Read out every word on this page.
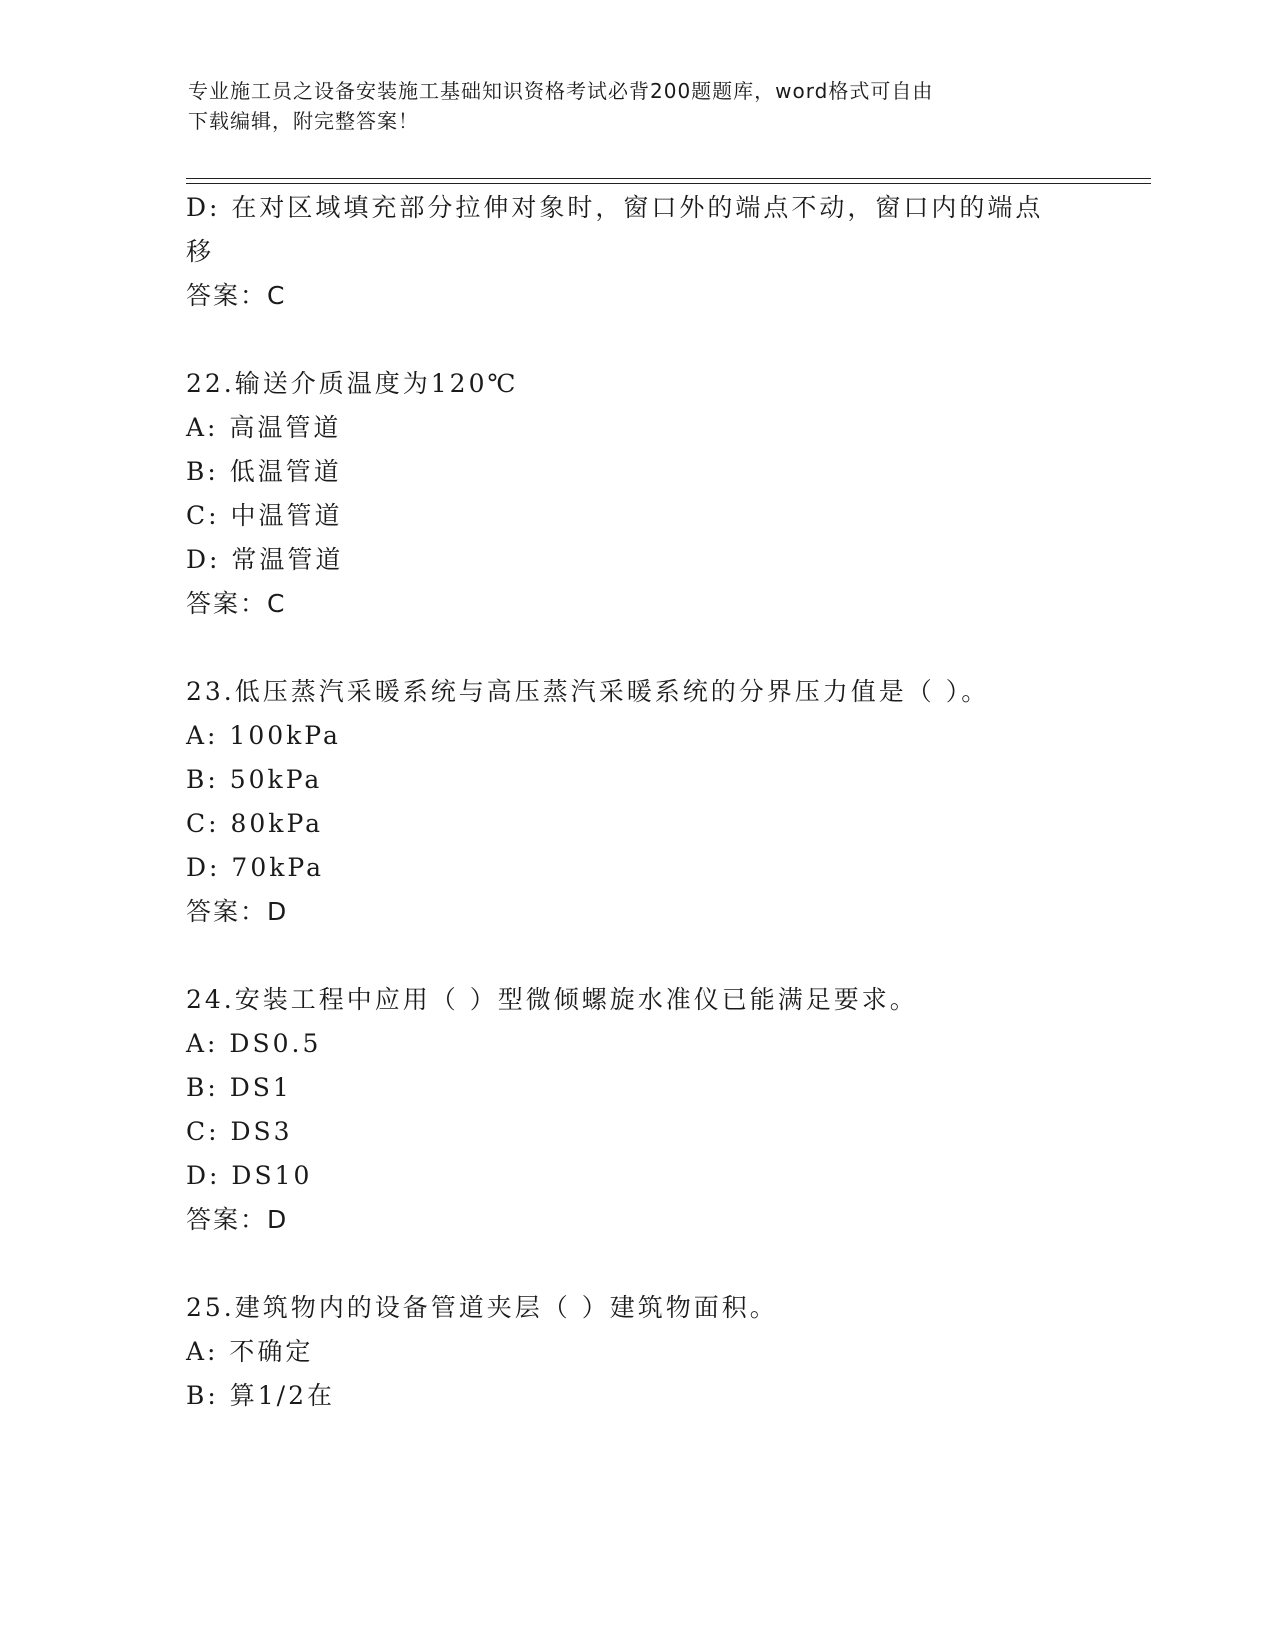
专业施工员之设备安装施工基础知识资格考试必背200题题库，word格式可自由
下载编辑，附完整答案！
D: 在对区域填充部分拉伸对象时，窗口外的端点不动，窗口内的端点
移
答案：C
22.输送介质温度为120℃
A: 高温管道
B: 低温管道
C: 中温管道
D: 常温管道
答案：C
23.低压蒸汽采暖系统与高压蒸汽采暖系统的分界压力值是（ ）。
A: 100kPa
B: 50kPa
C: 80kPa
D: 70kPa
答案：D
24.安装工程中应用（ ）型微倾螺旋水准仪已能满足要求。
A: DS0.5
B: DS1
C: DS3
D: DS10
答案：D
25.建筑物内的设备管道夹层（ ）建筑物面积。
A: 不确定
B: 算1/2在
